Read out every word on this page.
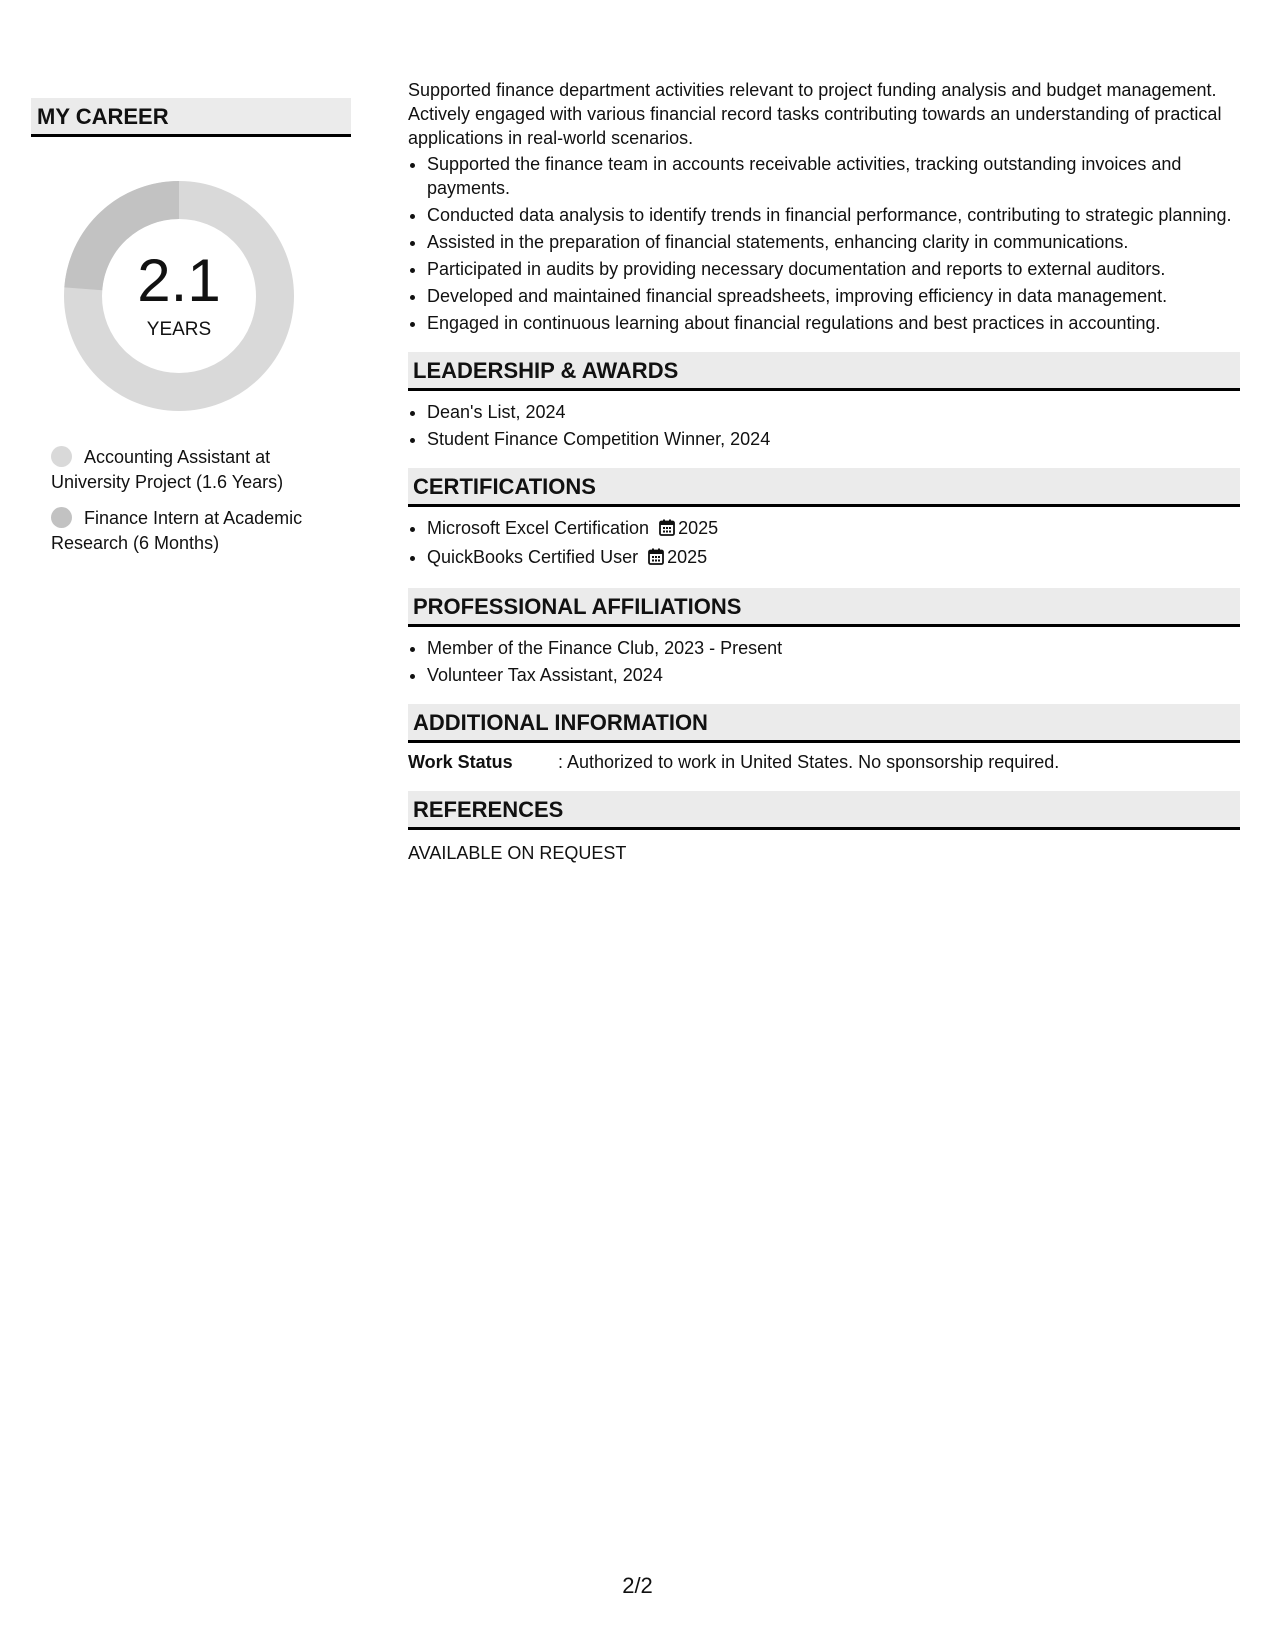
MY CAREER
2.1
YEARS
Accounting Assistant at University Project (1.6 Years)
Finance Intern at Academic Research (6 Months)

Supported finance department activities relevant to project funding analysis and budget management. Actively engaged with various financial record tasks contributing towards an understanding of practical applications in real-world scenarios.

• Supported the finance team in accounts receivable activities, tracking outstanding invoices and payments.
• Conducted data analysis to identify trends in financial performance, contributing to strategic planning.
• Assisted in the preparation of financial statements, enhancing clarity in communications.
• Participated in audits by providing necessary documentation and reports to external auditors.
• Developed and maintained financial spreadsheets, improving efficiency in data management.
• Engaged in continuous learning about financial regulations and best practices in accounting.
LEADERSHIP & AWARDS
• Dean's List, 2024
• Student Finance Competition Winner, 2024
CERTIFICATIONS
• Microsoft Excel Certification 2025
• QuickBooks Certified User 2025
PROFESSIONAL AFFILIATIONS
• Member of the Finance Club, 2023 - Present
• Volunteer Tax Assistant, 2024
ADDITIONAL INFORMATION
Work Status	: Authorized to work in United States. No sponsorship required.
REFERENCES
AVAILABLE ON REQUEST
2/2
